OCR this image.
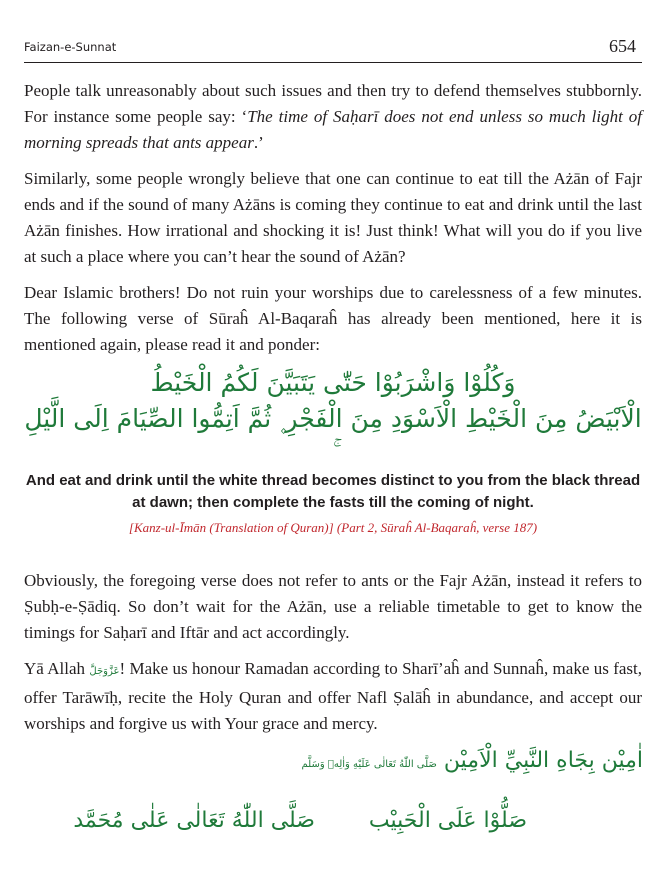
Faizan-e-Sunnat	654

People talk unreasonably about such issues and then try to defend themselves stubbornly. For instance some people say: ‘The time of Saḥarī does not end unless so much light of morning spreads that ants appear.’

Similarly, some people wrongly believe that one can continue to eat till the Ażān of Fajr ends and if the sound of many Ażāns is coming they continue to eat and drink until the last Ażān finishes. How irrational and shocking it is! Just think! What will you do if you live at such a place where you can’t hear the sound of Ażān?

Dear Islamic brothers! Do not ruin your worships due to carelessness of a few minutes. The following verse of Sūraĥ Al-Baqaraĥ has already been mentioned, here it is mentioned again, please read it and ponder:

وَكُلُوْا وَاشْرَبُوْا حَتّٰى يَتَبَيَّنَ لَكُمُ الْخَيْطُ
الْاَبْيَضُ مِنَ الْخَيْطِ الْاَسْوَدِ مِنَ الْفَجْرِ ۪ ثُمَّ اَتِمُّوا الصِّيَامَ اِلَى الَّيْلِ
And eat and drink until the white thread becomes distinct to you from the black thread at dawn; then complete the fasts till the coming of night.
[Kanz-ul-Īmān (Translation of Quran)] (Part 2, Sūraĥ Al-Baqaraĥ, verse 187)

Obviously, the foregoing verse does not refer to ants or the Fajr Ażān, instead it refers to Ṣubḥ-e-Ṣādiq. So don’t wait for the Ażān, use a reliable timetable to get to know the timings for Saḥarī and Iftār and act accordingly.

Yā Allah عَزَّوَجَلَّ! Make us honour Ramadan according to Sharī’aĥ and Sunnaĥ, make us fast, offer Tarāwīḥ, recite the Holy Quran and offer Nafl Ṣalāĥ in abundance, and accept our worships and forgive us with Your grace and mercy.

اٰمِيْن بِجَاهِ النَّبِيِّ الْاَمِيْن صَلَّى اللّٰهُ تَعَالٰى عَلَيْهِ وَاٰلِهٖ وَسَلَّم
صَلُّوْا عَلَى الْحَبِيْب
صَلَّى اللّٰهُ تَعَالٰى عَلٰى مُحَمَّد
